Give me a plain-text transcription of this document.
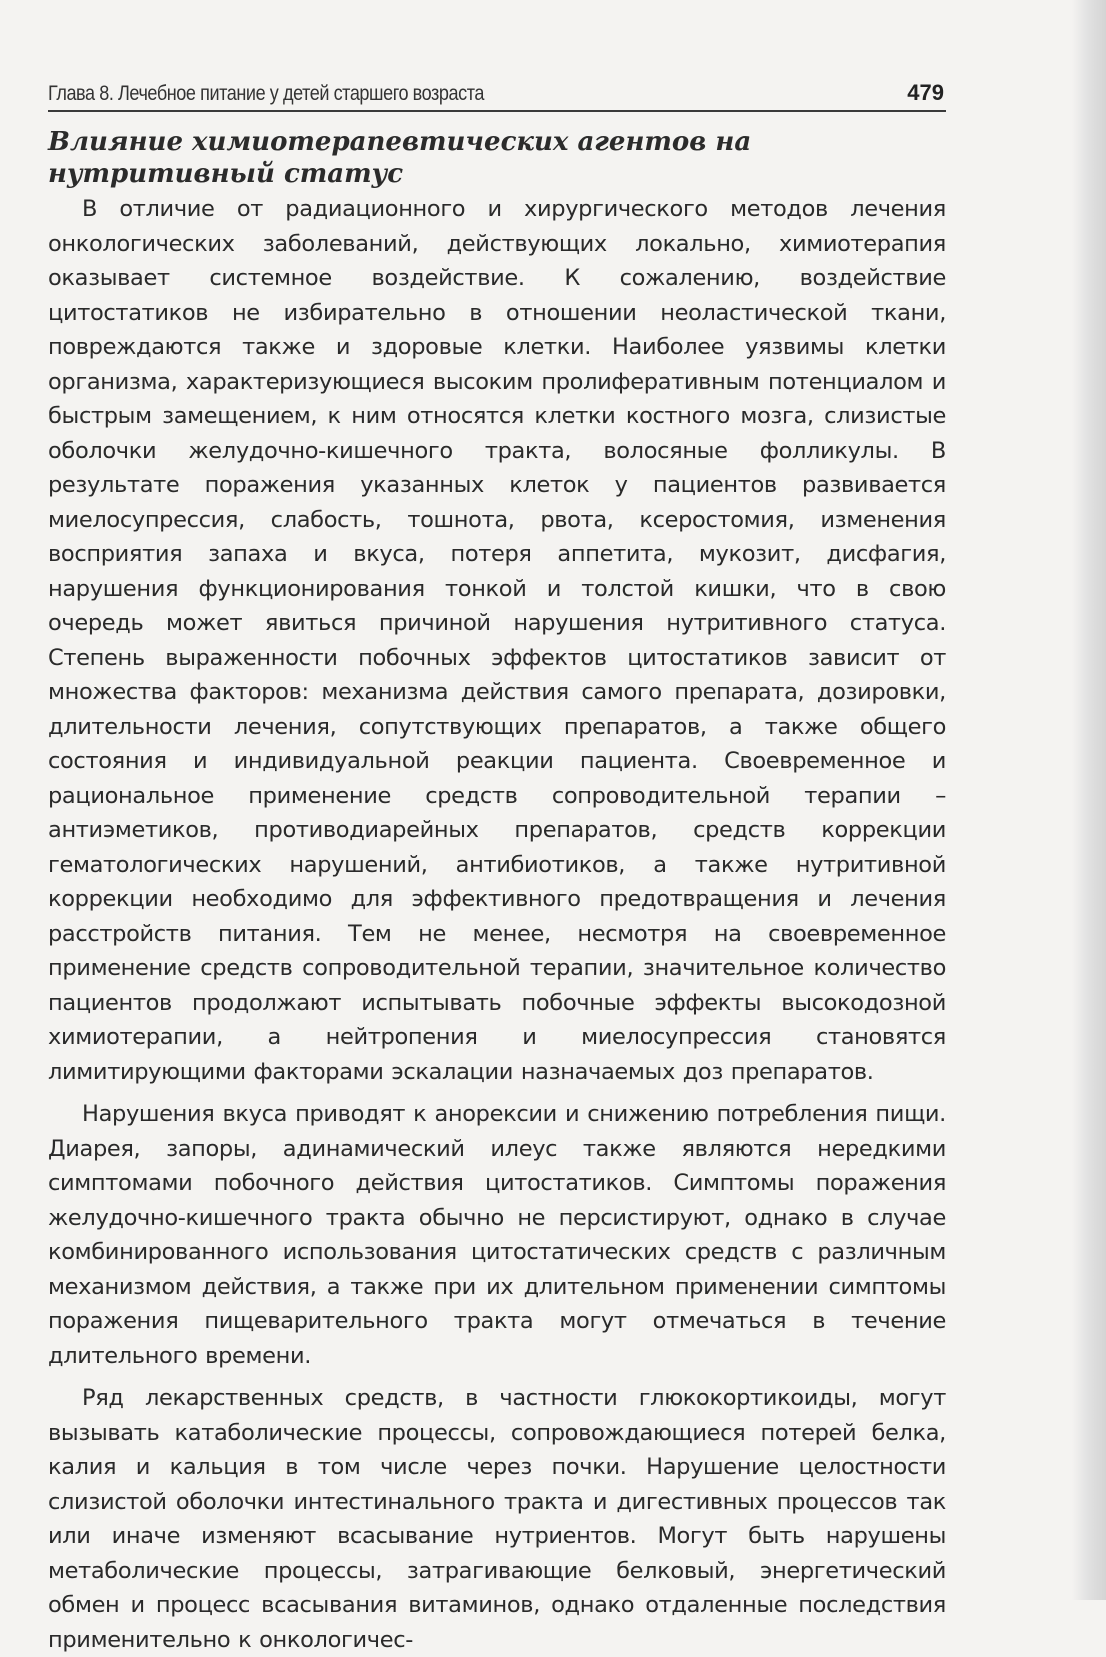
Глава 8. Лечебное питание у детей старшего возраста	479
Влияние химиотерапевтических агентов на нутритивный статус

В отличие от радиационного и хирургического методов лечения онкологических заболеваний, действующих локально, химиотерапия оказывает системное воздействие. К сожалению, воздействие цитостатиков не избирательно в отношении неоластической ткани, повреждаются также и здоровые клетки. Наиболее уязвимы клетки организма, характеризующиеся высоким пролиферативным потенциалом и быстрым замещением, к ним относятся клетки костного мозга, слизистые оболочки желудочно-кишечного тракта, волосяные фолликулы. В результате поражения указанных клеток у пациентов развивается миелосупрессия, слабость, тошнота, рвота, ксеростомия, изменения восприятия запаха и вкуса, потеря аппетита, мукозит, дисфагия, нарушения функционирования тонкой и толстой кишки, что в свою очередь может явиться причиной нарушения нутритивного статуса. Степень выраженности побочных эффектов цитостатиков зависит от множества факторов: механизма действия самого препарата, дозировки, длительности лечения, сопутствующих препаратов, а также общего состояния и индивидуальной реакции пациента. Своевременное и рациональное применение средств сопроводительной терапии – антиэметиков, противодиарейных препаратов, средств коррекции гематологических нарушений, антибиотиков, а также нутритивной коррекции необходимо для эффективного предотвращения и лечения расстройств питания. Тем не менее, несмотря на своевременное применение средств сопроводительной терапии, значительное количество пациентов продолжают испытывать побочные эффекты высокодозной химиотерапии, а нейтропения и миелосупрессия становятся лимитирующими факторами эскалации назначаемых доз препаратов.

Нарушения вкуса приводят к анорексии и снижению потребления пищи. Диарея, запоры, адинамический илеус также являются нередкими симптомами побочного действия цитостатиков. Симптомы поражения желудочно-кишечного тракта обычно не персистируют, однако в случае комбинированного использования цитостатических средств с различным механизмом действия, а также при их длительном применении симптомы поражения пищеварительного тракта могут отмечаться в течение длительного времени.

Ряд лекарственных средств, в частности глюкокортикоиды, могут вызывать катаболические процессы, сопровождающиеся потерей белка, калия и кальция в том числе через почки. Нарушение целостности слизистой оболочки интестинального тракта и дигестивных процессов так или иначе изменяют всасывание нутриентов. Могут быть нарушены метаболические процессы, затрагивающие белковый, энергетический обмен и процесс всасывания витаминов, однако отдаленные последствия применительно к онкологичес-
